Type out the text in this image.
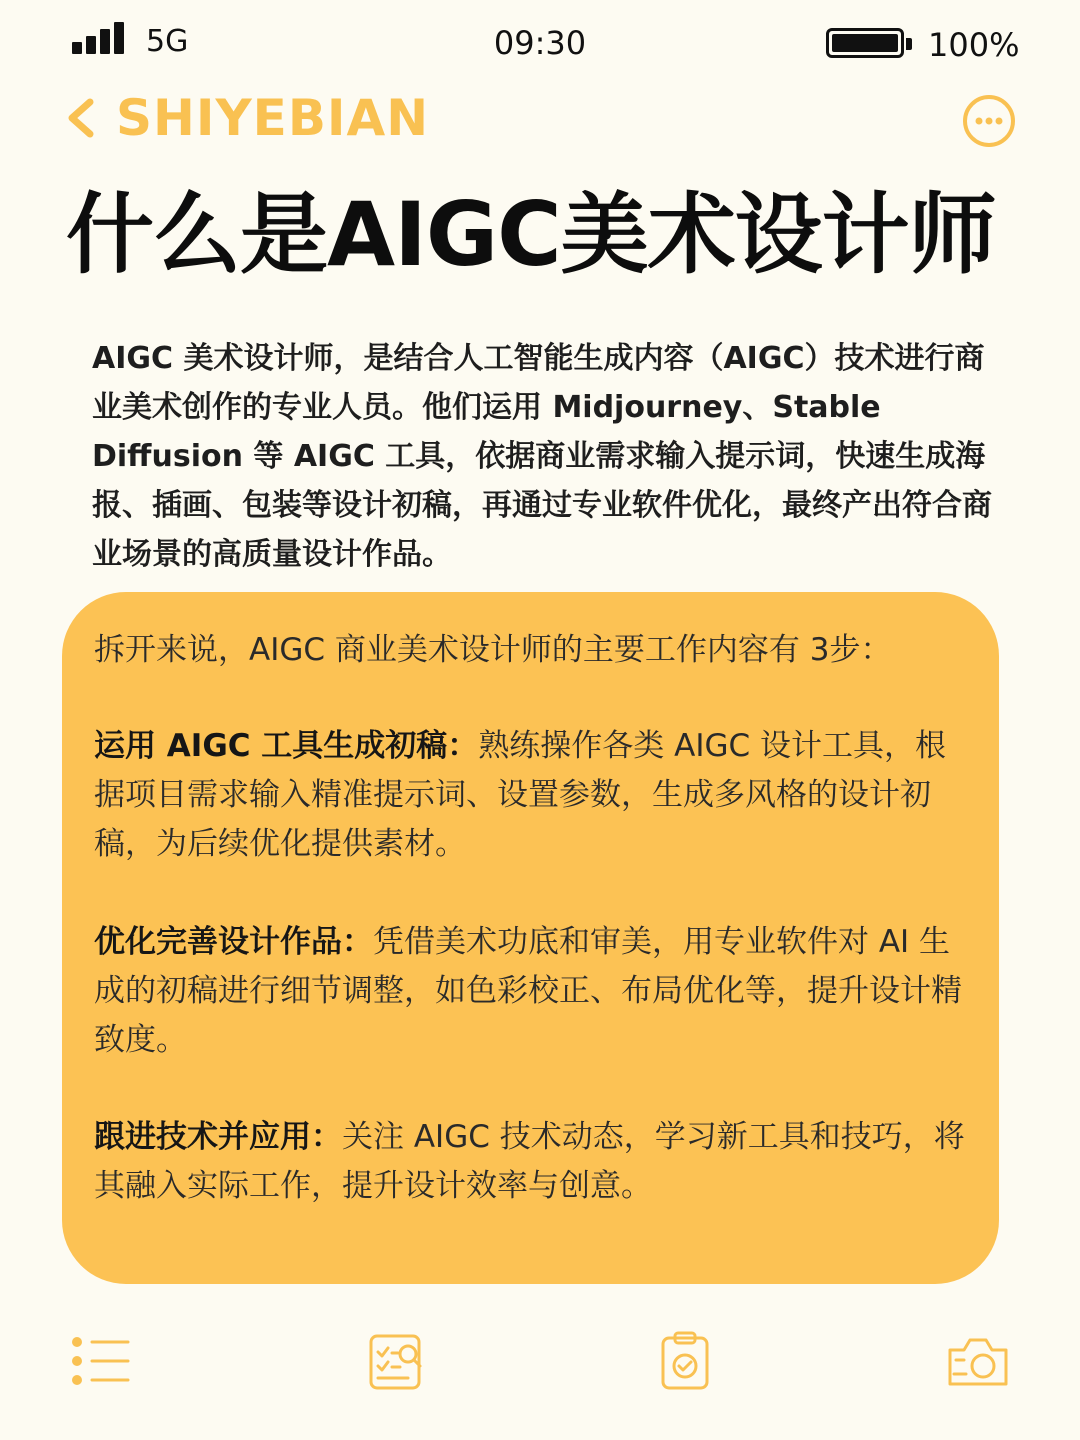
5G	09:30	100%
SHIYEBIAN
什么是AIGC美术设计师

AIGC 美术设计师，是结合人工智能生成内容（AIGC）技术进行商业美术创作的专业人员。他们运用 Midjourney、Stable Diffusion 等 AIGC 工具，依据商业需求输入提示词，快速生成海报、插画、包装等设计初稿，再通过专业软件优化，最终产出符合商业场景的高质量设计作品。

拆开来说，AIGC 商业美术设计师的主要工作内容有 3步：

运用 AIGC 工具生成初稿：熟练操作各类 AIGC 设计工具，根据项目需求输入精准提示词、设置参数，生成多风格的设计初稿，为后续优化提供素材。

优化完善设计作品：凭借美术功底和审美，用专业软件对 AI 生成的初稿进行细节调整，如色彩校正、布局优化等，提升设计精致度。

跟进技术并应用：关注 AIGC 技术动态，学习新工具和技巧，将其融入实际工作，提升设计效率与创意。
